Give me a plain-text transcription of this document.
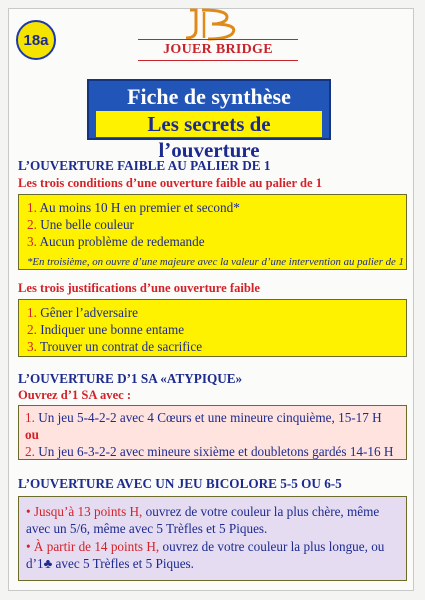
18a
JOUER BRIDGE
Fiche de synthèse
Les secrets de l’ouverture
L’OUVERTURE FAIBLE AU PALIER DE 1
Les trois conditions d’une ouverture faible au palier de 1
1. Au moins 10 H en premier et second*
2. Une belle couleur
3. Aucun problème de redemande
*En troisième, on ouvre d’une majeure avec la valeur d’une intervention au palier de 1
Les trois justifications d’une ouverture faible
1. Gêner l’adversaire
2. Indiquer une bonne entame
3. Trouver un contrat de sacrifice
L’OUVERTURE D’1 SA «ATYPIQUE»
Ouvrez d’1 SA avec :
1. Un jeu 5-4-2-2 avec 4 Cœurs et une mineure cinquième, 15-17 H
ou
2. Un jeu 6-3-2-2 avec mineure sixième et doubletons gardés 14-16 H
L’OUVERTURE AVEC UN JEU BICOLORE 5-5 OU 6-5
• Jusqu’à 13 points H, ouvrez de votre couleur la plus chère, même avec un 5/6, même avec 5 Trèfles et 5 Piques.
• À partir de 14 points H, ouvrez de votre couleur la plus longue, ou d’1♣ avec 5 Trèfles et 5 Piques.
